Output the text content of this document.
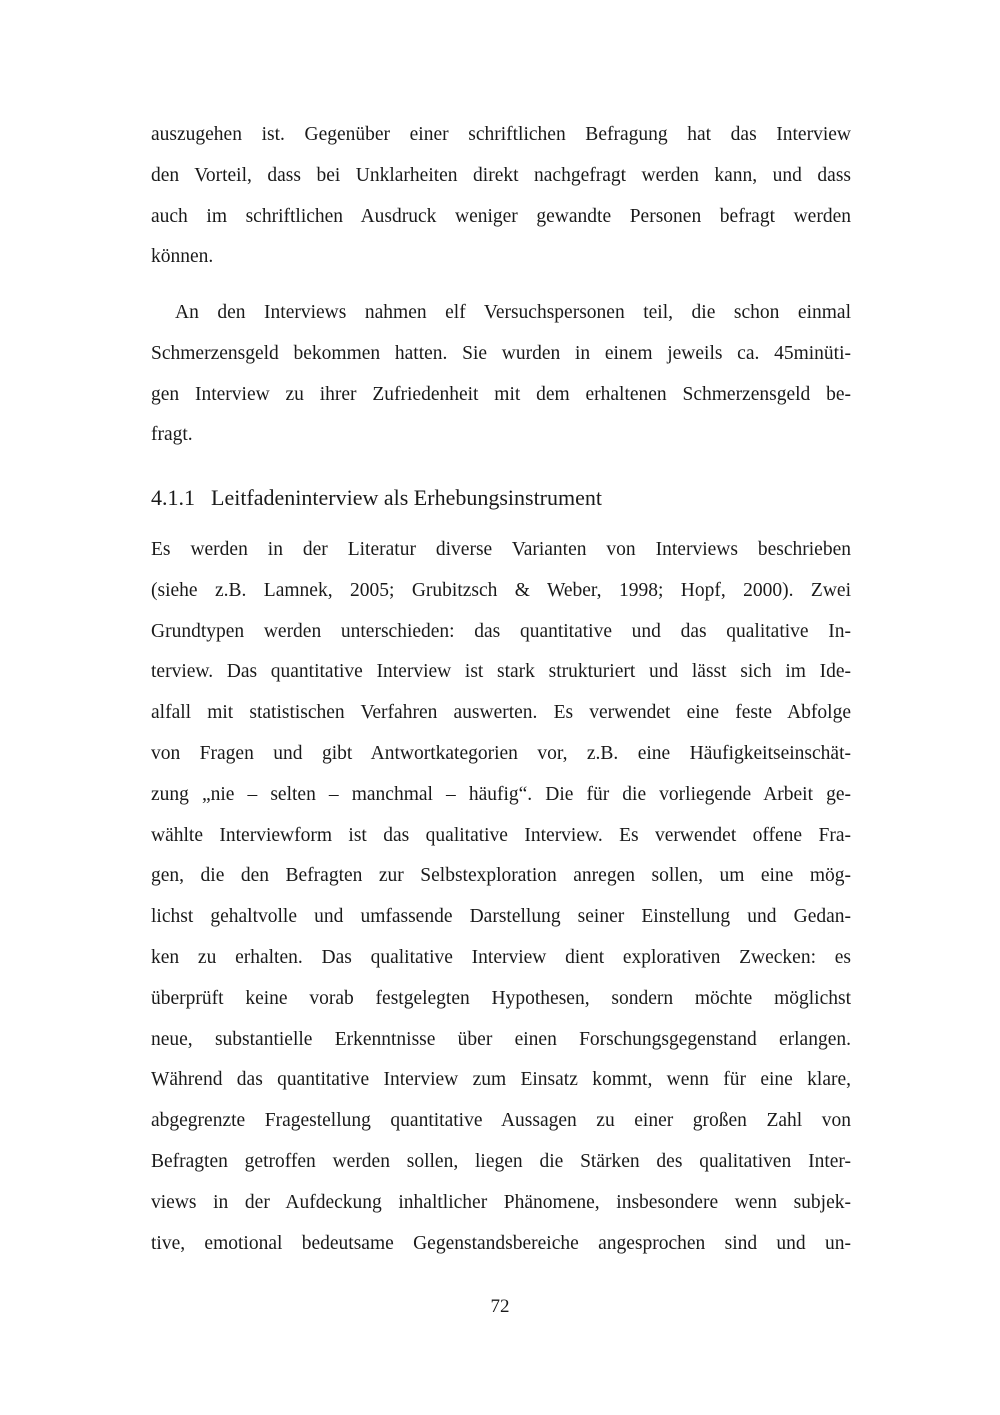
auszugehen ist. Gegenüber einer schriftlichen Befragung hat das Interview
den Vorteil, dass bei Unklarheiten direkt nachgefragt werden kann, und dass
auch im schriftlichen Ausdruck weniger gewandte Personen befragt werden
können.
An den Interviews nahmen elf Versuchspersonen teil, die schon einmal
Schmerzensgeld bekommen hatten. Sie wurden in einem jeweils ca. 45minüti-
gen Interview zu ihrer Zufriedenheit mit dem erhaltenen Schmerzensgeld be-
fragt.
4.1.1 Leitfadeninterview als Erhebungsinstrument
Es werden in der Literatur diverse Varianten von Interviews beschrieben
(siehe z.B. Lamnek, 2005; Grubitzsch & Weber, 1998; Hopf, 2000). Zwei
Grundtypen werden unterschieden: das quantitative und das qualitative In-
terview. Das quantitative Interview ist stark strukturiert und lässt sich im Ide-
alfall mit statistischen Verfahren auswerten. Es verwendet eine feste Abfolge
von Fragen und gibt Antwortkategorien vor, z.B. eine Häufigkeitseinschät-
zung „nie – selten – manchmal – häufig“. Die für die vorliegende Arbeit ge-
wählte Interviewform ist das qualitative Interview. Es verwendet offene Fra-
gen, die den Befragten zur Selbstexploration anregen sollen, um eine mög-
lichst gehaltvolle und umfassende Darstellung seiner Einstellung und Gedan-
ken zu erhalten. Das qualitative Interview dient explorativen Zwecken: es
überprüft keine vorab festgelegten Hypothesen, sondern möchte möglichst
neue, substantielle Erkenntnisse über einen Forschungsgegenstand erlangen.
Während das quantitative Interview zum Einsatz kommt, wenn für eine klare,
abgegrenzte Fragestellung quantitative Aussagen zu einer großen Zahl von
Befragten getroffen werden sollen, liegen die Stärken des qualitativen Inter-
views in der Aufdeckung inhaltlicher Phänomene, insbesondere wenn subjek-
tive, emotional bedeutsame Gegenstandsbereiche angesprochen sind und un-
72
